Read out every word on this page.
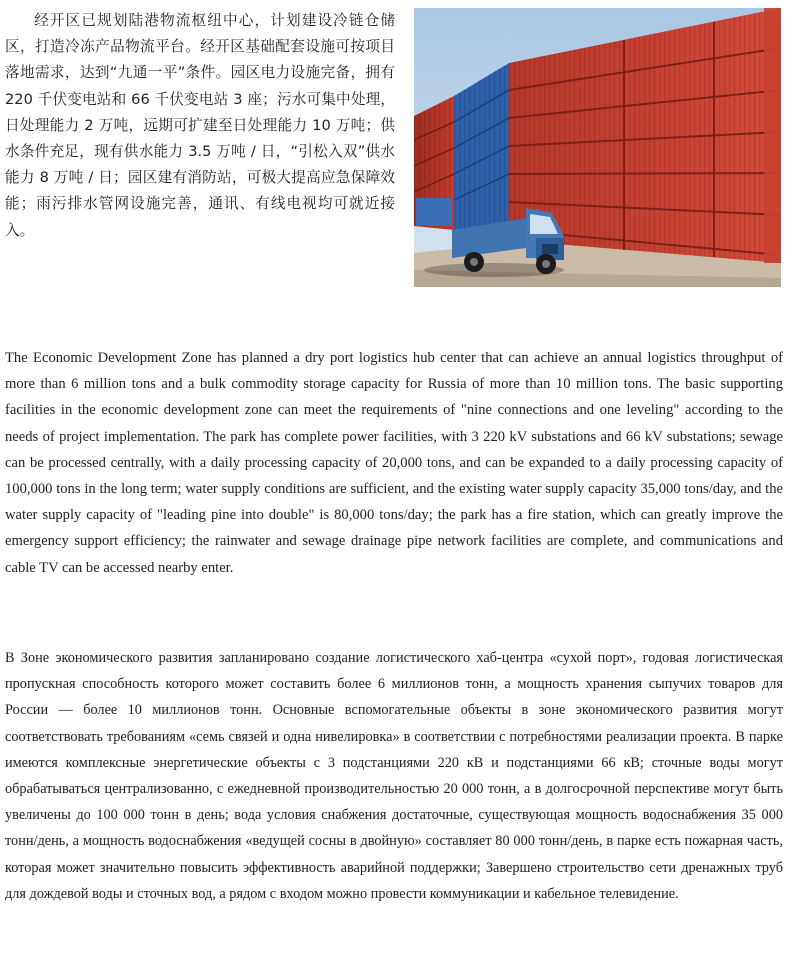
经开区已规划陆港物流枢纽中心，计划建设冷链仓储区，打造冷冻产品物流平台。经开区基础配套设施可按项目落地需求，达到“九通一平”条件。园区电力设施完备，拥有 220 千伏变电站和 66 千伏变电站 3 座；污水可集中处理，日处理能力 2 万吨，远期可扩建至日处理能力 10 万吨；供水条件充足，现有供水能力 3.5 万吨 / 日，“引松入双”供水能力 8 万吨 / 日；园区建有消防站，可极大提高应急保障效能；雨污排水管网设施完善，通讯、有线电视均可就近接入。

The Economic Development Zone has planned a dry port logistics hub center that can achieve an annual logistics throughput of more than 6 million tons and a bulk commodity storage capacity for Russia of more than 10 million tons. The basic supporting facilities in the economic development zone can meet the requirements of "nine connections and one leveling" according to the needs of project implementation. The park has complete power facilities, with 3 220 kV substations and 66 kV substations; sewage can be processed centrally, with a daily processing capacity of 20,000 tons, and can be expanded to a daily processing capacity of 100,000 tons in the long term; water supply conditions are sufficient, and the existing water supply capacity 35,000 tons/day, and the water supply capacity of "leading pine into double" is 80,000 tons/day; the park has a fire station, which can greatly improve the emergency support efficiency; the rainwater and sewage drainage pipe network facilities are complete, and communications and cable TV can be accessed nearby enter.

В Зоне экономического развития запланировано создание логистического хаб-центра «сухой порт», годовая логистическая пропускная способность которого может составить более 6 миллионов тонн, а мощность хранения сыпучих товаров для России — более 10 миллионов тонн. Основные вспомогательные объекты в зоне экономического развития могут соответствовать требованиям «семь связей и одна нивелировка» в соответствии с потребностями реализации проекта. В парке имеются комплексные энергетические объекты с 3 подстанциями 220 кВ и подстанциями 66 кВ; сточные воды могут обрабатываться централизованно, с ежедневной производительностью 20 000 тонн, а в долгосрочной перспективе могут быть увеличены до 100 000 тонн в день; вода условия снабжения достаточные, существующая мощность водоснабжения 35 000 тонн/день, а мощность водоснабжения «ведущей сосны в двойную» составляет 80 000 тонн/день, в парке есть пожарная часть, которая может значительно повысить эффективность аварийной поддержки; Завершено строительство сети дренажных труб для дождевой воды и сточных вод, а рядом с входом можно провести коммуникации и кабельное телевидение.
